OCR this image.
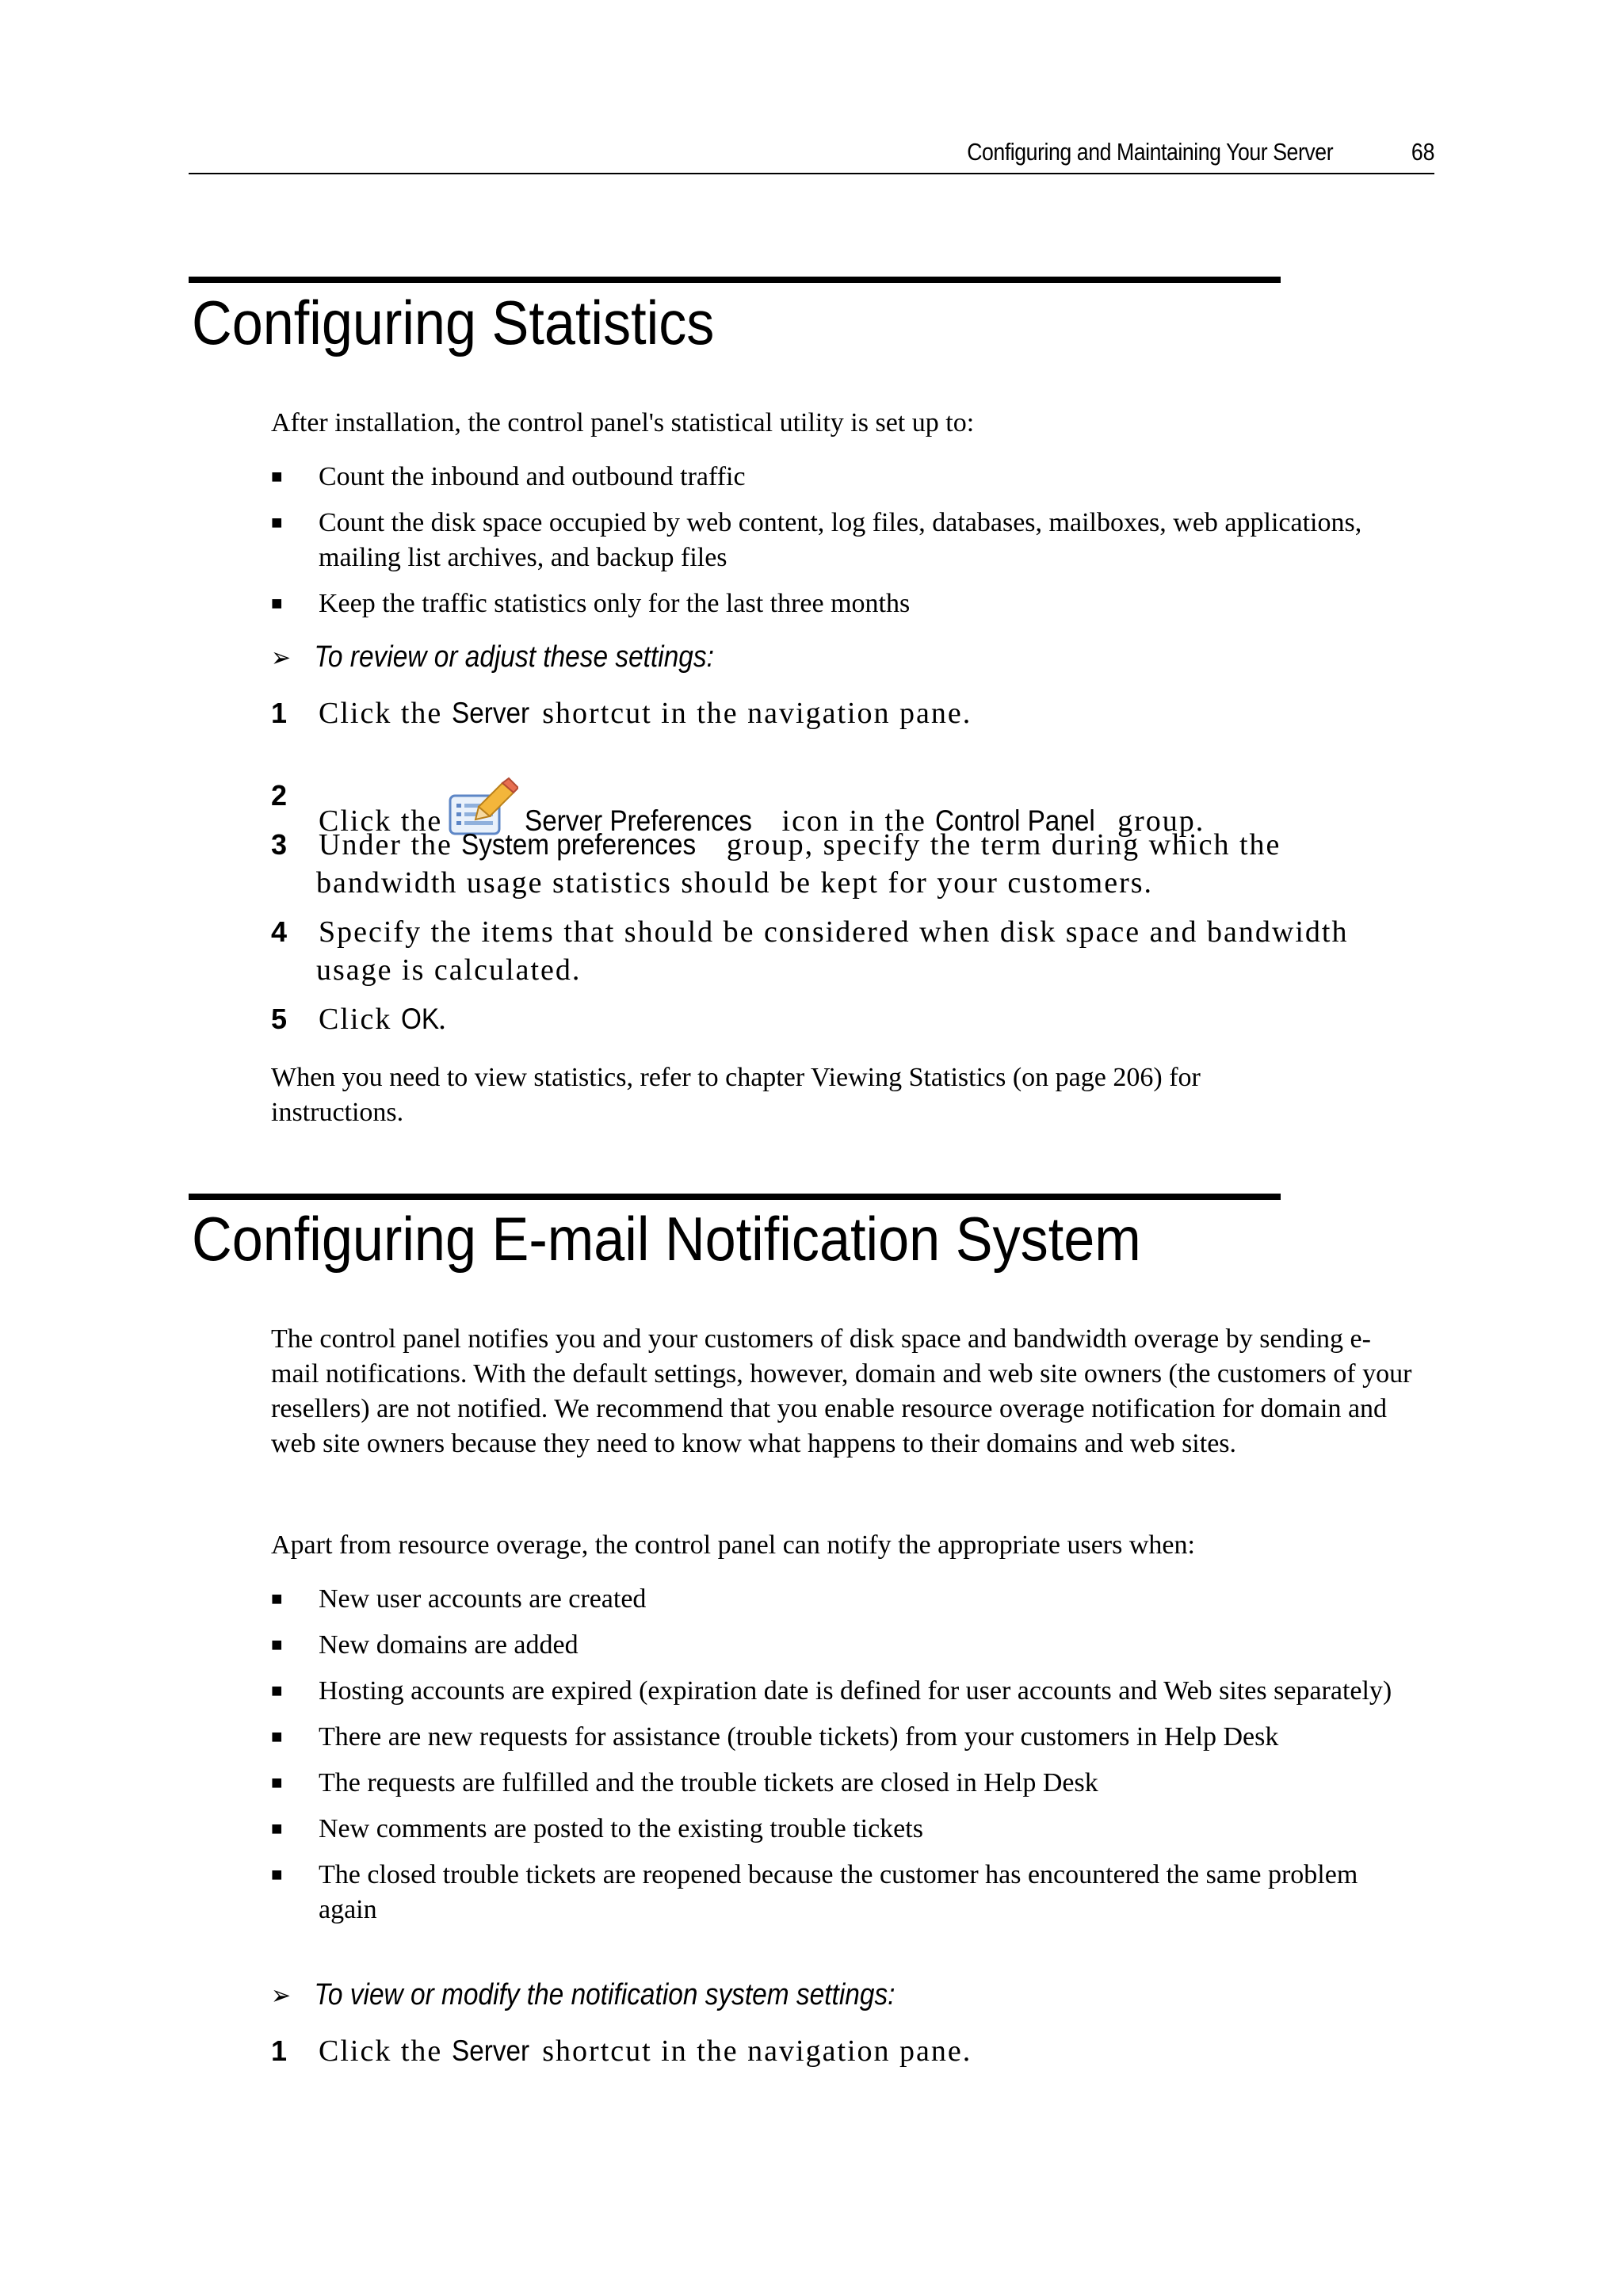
Configuring and Maintaining Your Server	68
Configuring Statistics

After installation, the control panel's statistical utility is set up to:

■ Count the inbound and outbound traffic
■ Count the disk space occupied by web content, log files, databases, mailboxes, web applications, mailing list archives, and backup files
■ Keep the traffic statistics only for the last three months
➢ To review or adjust these settings:
1	Click the Server shortcut in the navigation pane.
2
Click the	Server Preferences icon in the Control Panel group.
3	Under the System preferences group, specify the term during which the
bandwidth usage statistics should be kept for your customers.
4	Specify the items that should be considered when disk space and bandwidth
usage is calculated.
5	Click OK.

When you need to view statistics, refer to chapter Viewing Statistics (on page 206) for instructions.

Configuring E-mail Notification System

The control panel notifies you and your customers of disk space and bandwidth overage by sending e-mail notifications. With the default settings, however, domain and web site owners (the customers of your resellers) are not notified. We recommend that you enable resource overage notification for domain and web site owners because they need to know what happens to their domains and web sites.

Apart from resource overage, the control panel can notify the appropriate users when:

■ New user accounts are created
■ New domains are added
■ Hosting accounts are expired (expiration date is defined for user accounts and Web sites separately)
■ There are new requests for assistance (trouble tickets) from your customers in Help Desk
■ The requests are fulfilled and the trouble tickets are closed in Help Desk
■ New comments are posted to the existing trouble tickets
■ The closed trouble tickets are reopened because the customer has encountered the same problem again
➢ To view or modify the notification system settings:
1	Click the Server shortcut in the navigation pane.
